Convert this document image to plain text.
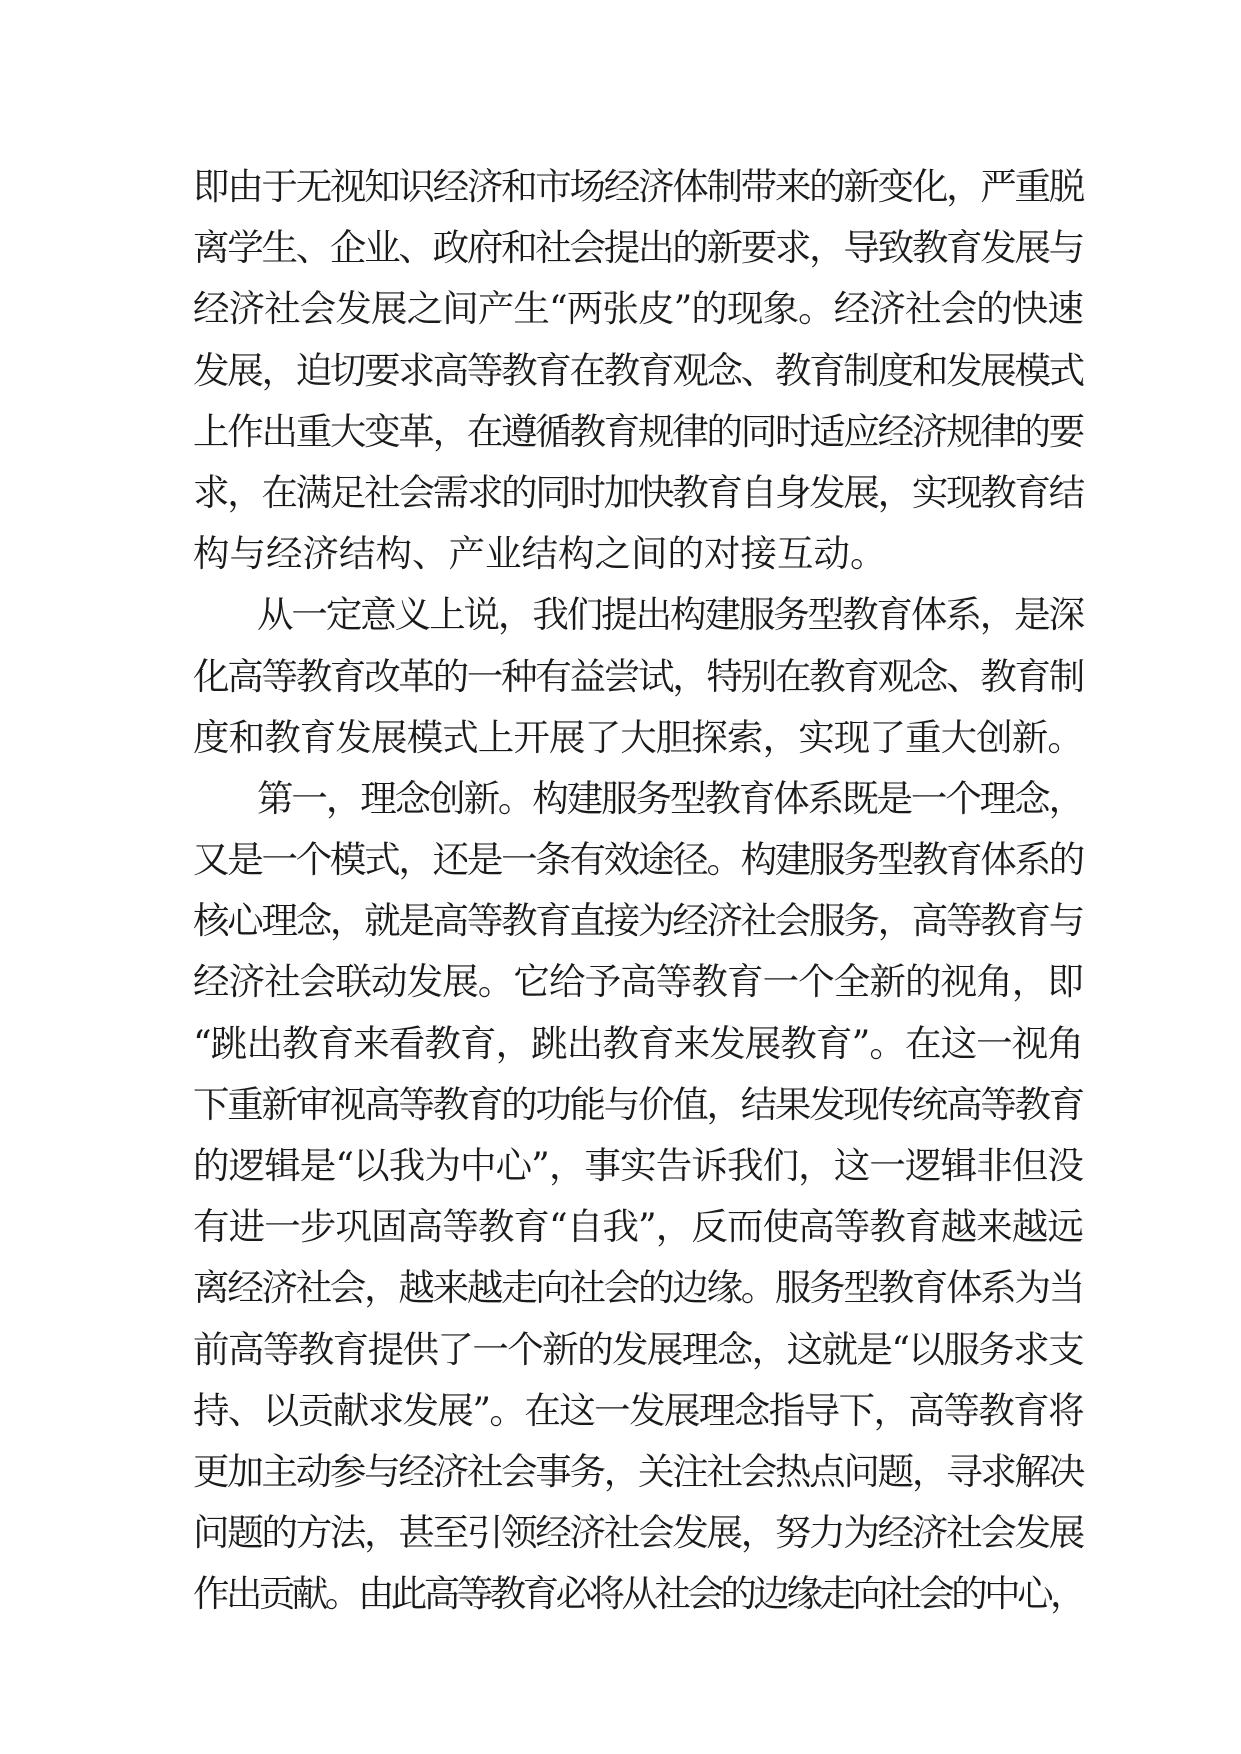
即由于无视知识经济和市场经济体制带来的新变化，严重脱
离学生、企业、政府和社会提出的新要求，导致教育发展与
经济社会发展之间产生“两张皮”的现象。经济社会的快速
发展，迫切要求高等教育在教育观念、教育制度和发展模式
上作出重大变革，在遵循教育规律的同时适应经济规律的要
求，在满足社会需求的同时加快教育自身发展，实现教育结
构与经济结构、产业结构之间的对接互动。
从一定意义上说，我们提出构建服务型教育体系，是深
化高等教育改革的一种有益尝试，特别在教育观念、教育制
度和教育发展模式上开展了大胆探索，实现了重大创新。
第一，理念创新。构建服务型教育体系既是一个理念，
又是一个模式，还是一条有效途径。构建服务型教育体系的
核心理念，就是高等教育直接为经济社会服务，高等教育与
经济社会联动发展。它给予高等教育一个全新的视角，即
“跳出教育来看教育，跳出教育来发展教育”。在这一视角
下重新审视高等教育的功能与价值，结果发现传统高等教育
的逻辑是“以我为中心”，事实告诉我们，这一逻辑非但没
有进一步巩固高等教育“自我”，反而使高等教育越来越远
离经济社会，越来越走向社会的边缘。服务型教育体系为当
前高等教育提供了一个新的发展理念，这就是“以服务求支
持、以贡献求发展”。在这一发展理念指导下，高等教育将
更加主动参与经济社会事务，关注社会热点问题，寻求解决
问题的方法，甚至引领经济社会发展，努力为经济社会发展
作出贡献。由此高等教育必将从社会的边缘走向社会的中心，
